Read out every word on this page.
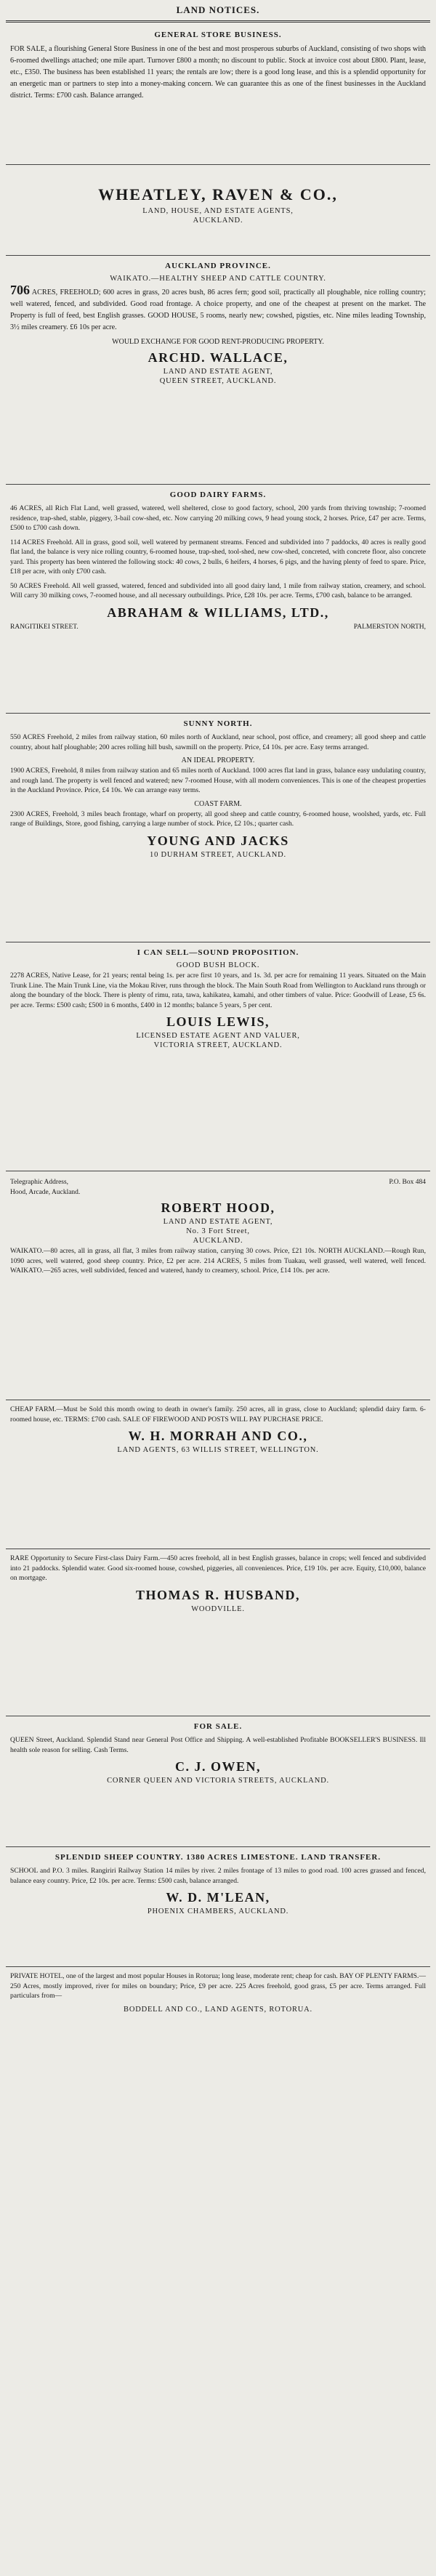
LAND NOTICES.
GENERAL STORE BUSINESS.

FOR SALE, a flourishing General Store Business in one of the best and most prosperous suburbs of Auckland, consisting of two shops with 6-roomed dwellings attached; one mile apart. Turnover £800 a month; no discount to public. Stock at invoice cost about £800. Plant, lease, etc., £350. The business has been established 11 years; the rentals are low; there is a good long lease, and this is a splendid opportunity for an energetic man or partners to step into a money-making concern. We can guarantee this as one of the finest businesses in the Auckland district. Terms: £700 cash. Balance arranged.

WHEATLEY, RAVEN & CO.,
LAND, HOUSE, AND ESTATE AGENTS,
AUCKLAND.
AUCKLAND PROVINCE.
WAIKATO.—HEALTHY SHEEP AND CATTLE COUNTRY.

706 ACRES, FREEHOLD; 600 acres in grass, 20 acres bush, 86 acres fern; good soil, practically all ploughable, nice rolling country; well watered, fenced, and subdivided. Good road frontage. A choice property, and one of the cheapest at present on the market. The Property is full of feed, best English grasses. GOOD HOUSE, 5 rooms, nearly new; cowshed, pigsties, etc. Nine miles leading Township, 3½ miles creamery. £6 10s per acre.

WOULD EXCHANGE FOR GOOD RENT-PRODUCING PROPERTY.
ARCHD. WALLACE,
LAND AND ESTATE AGENT,
QUEEN STREET, AUCKLAND.
GOOD DAIRY FARMS.

46 ACRES, all Rich Flat Land, well grassed, watered, well sheltered, close to good factory, school, 200 yards from thriving township; 7-roomed residence, trap-shed, stable, piggery, 3-bail cow-shed, etc. Now carrying 20 milking cows, 9 head young stock, 2 horses. Price, £47 per acre. Terms, £500 to £700 cash down.

114 ACRES Freehold. All in grass, good soil, well watered by permanent streams. Fenced and subdivided into 7 paddocks, 40 acres is really good flat land, the balance is very nice rolling country, 6-roomed house, trap-shed, tool-shed, new cow-shed, concreted, with concrete floor, also concrete yard. This property has been wintered the following stock: 40 cows, 2 bulls, 6 heifers, 4 horses, 6 pigs, and the having plenty of feed to spare. Price, £18 per acre, with only £700 cash.

50 ACRES Freehold. All well grassed, watered, fenced and subdivided into all good dairy land, 1 mile from railway station, creamery, and school. Will carry 30 milking cows, 7-roomed house, and all necessary outbuildings. Price, £28 10s. per acre. Terms, £700 cash, balance to be arranged.

ABRAHAM & WILLIAMS, LTD.,
RANGITIKEI STREET.	PALMERSTON NORTH,
SUNNY NORTH.

550 ACRES Freehold, 2 miles from railway station, 60 miles north of Auckland, near school, post office, and creamery; all good sheep and cattle country, about half ploughable; 200 acres rolling hill bush, sawmill on the property. Price, £4 10s. per acre. Easy terms arranged.

AN IDEAL PROPERTY.

1900 ACRES, Freehold, 8 miles from railway station and 65 miles north of Auckland. 1000 acres flat land in grass, balance easy undulating country, and rough land. The property is well fenced and watered; new 7-roomed House, with all modern conveniences. This is one of the cheapest properties in the Auckland Province. Price, £4 10s. We can arrange easy terms.

COAST FARM.

2300 ACRES, Freehold, 3 miles beach frontage, wharf on property, all good sheep and cattle country, 6-roomed house, woolshed, yards, etc. Full range of Buildings, Store, good fishing, carrying a large number of stock. Price, £2 10s.; quarter cash.

YOUNG AND JACKS
10 DURHAM STREET, AUCKLAND.
I CAN SELL—SOUND PROPOSITION.
GOOD BUSH BLOCK.

2278 ACRES, Native Lease, for 21 years; rental being 1s. per acre first 10 years, and 1s. 3d. per acre for remaining 11 years. Situated on the Main Trunk Line. The Main Trunk Line, via the Mokau River, runs through the block. The Main South Road from Wellington to Auckland runs through or along the boundary of the block. There is plenty of rimu, rata, tawa, kahikatea, kamahi, and other timbers of value. Price: Goodwill of Lease, £5 6s. per acre. Terms: £500 cash; £500 in 6 months, £400 in 12 months; balance 5 years, 5 per cent.

LOUIS LEWIS,
LICENSED ESTATE AGENT AND VALUER,
VICTORIA STREET, AUCKLAND.
Telegraphic Address,	P.O. Box 484
Hood, Arcade, Auckland.
ROBERT HOOD,
LAND AND ESTATE AGENT,
No. 3 Fort Street,
AUCKLAND.

WAIKATO.—80 acres, all in grass, all flat, 3 miles from railway station, carrying 30 cows. Price, £21 10s. NORTH AUCKLAND.—Rough Run, 1090 acres, well watered, good sheep country. Price, £2 per acre. 214 ACRES, 5 miles from Tuakau, well grassed, well watered, well fenced. WAIKATO.—265 acres, well subdivided, fenced and watered, handy to creamery, school. Price, £14 10s. per acre.

CHEAP FARM.—Must be Sold this month owing to death in owner's family. 250 acres, all in grass, close to Auckland; splendid dairy farm. 6-roomed house, etc. TERMS: £700 cash. SALE OF FIREWOOD AND POSTS WILL PAY PURCHASE PRICE.

W. H. MORRAH AND CO.,
LAND AGENTS, 63 WILLIS STREET, WELLINGTON.

RARE Opportunity to Secure First-class Dairy Farm.—450 acres freehold, all in best English grasses, balance in crops; well fenced and subdivided into 21 paddocks. Splendid water. Good six-roomed house, cowshed, piggeries, all conveniences. Price, £19 10s. per acre. Equity, £10,000, balance on mortgage.

THOMAS R. HUSBAND,
WOODVILLE.
FOR SALE.

QUEEN Street, Auckland. Splendid Stand near General Post Office and Shipping. A well-established Profitable BOOKSELLER'S BUSINESS. Ill health sole reason for selling. Cash Terms.

C. J. OWEN,
CORNER QUEEN AND VICTORIA STREETS, AUCKLAND.
SPLENDID SHEEP COUNTRY. 1380 ACRES LIMESTONE. LAND TRANSFER.

SCHOOL and P.O. 3 miles. Rangiriri Railway Station 14 miles by river. 2 miles frontage of 13 miles to good road. 100 acres grassed and fenced, balance easy country. Price, £2 10s. per acre. Terms: £500 cash, balance arranged.

W. D. M'LEAN,
PHOENIX CHAMBERS, AUCKLAND.

PRIVATE HOTEL, one of the largest and most popular Houses in Rotorua; long lease, moderate rent; cheap for cash. BAY OF PLENTY FARMS.—250 Acres, mostly improved, river for miles on boundary; Price, £9 per acre. 225 Acres freehold, good grass, £5 per acre. Terms arranged. Full particulars from—

BODDELL AND CO., LAND AGENTS, ROTORUA.
